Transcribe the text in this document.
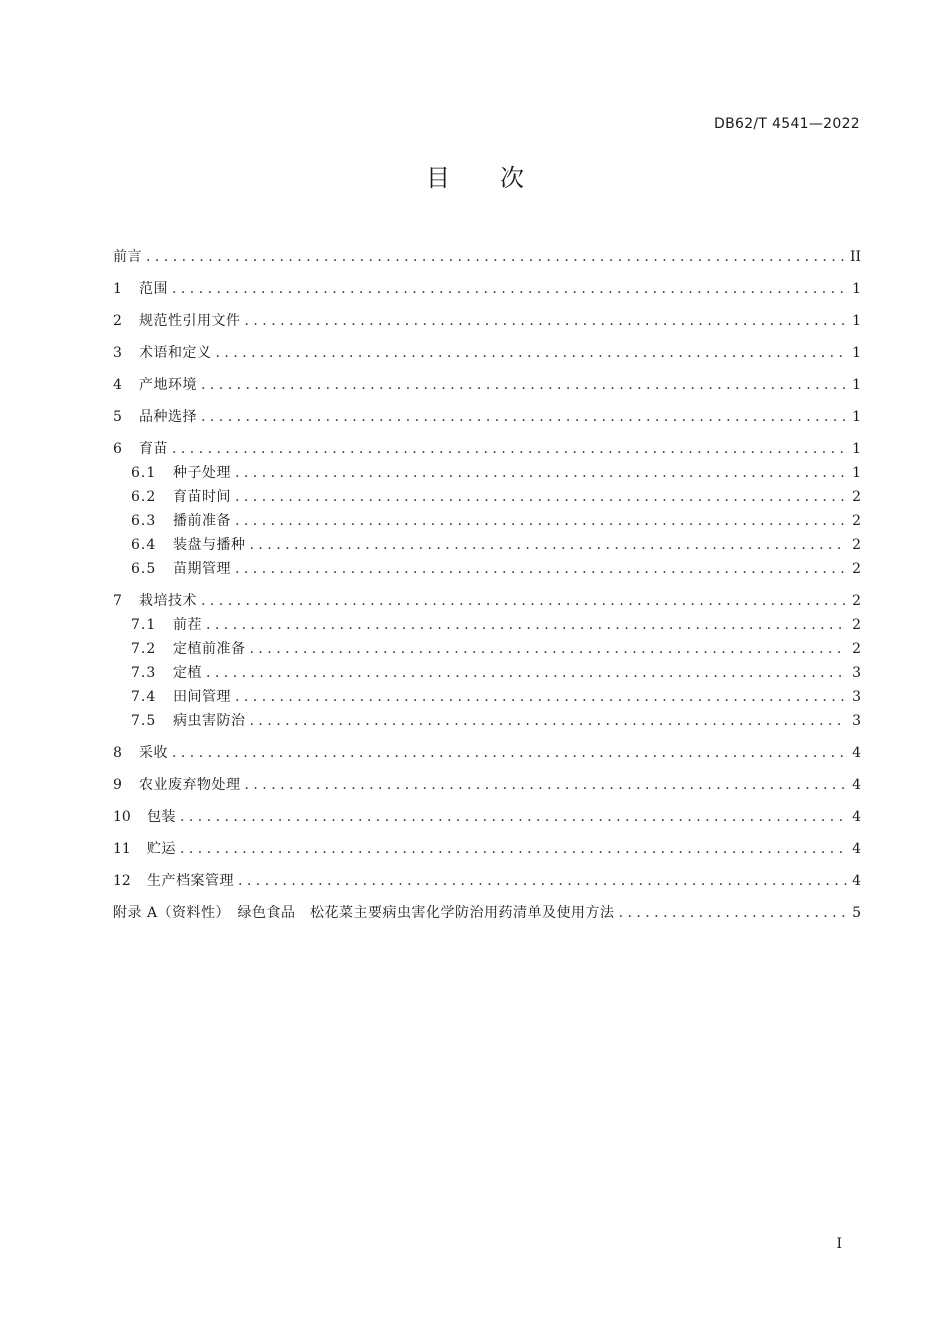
DB62/T 4541—2022
目 次
前言 . . .	II
1	范围 . . .	1
2	规范性引用文件 . . .	1
3	术语和定义 . . .	1
4	产地环境 . . .	1
5	品种选择 . . .	1
6	育苗 . . .	1
6.1	种子处理 . . .	1
6.2	育苗时间 . . .	2
6.3	播前准备 . . .	2
6.4	装盘与播种 . . .	2
6.5	苗期管理 . . .	2
7	栽培技术 . . .	2
7.1	前茬 . . .	2
7.2	定植前准备 . . .	2
7.3	定植 . . .	3
7.4	田间管理 . . .	3
7.5	病虫害防治 . . .	3
8	采收 . . .	4
9	农业废弃物处理 . . .	4
10	包装 . . .	4
11	贮运 . . .	4
12	生产档案管理 . . .	4
附录 A（资料性）　绿色食品　松花菜主要病虫害化学防治用药清单及使用方法 . . .	5
I
